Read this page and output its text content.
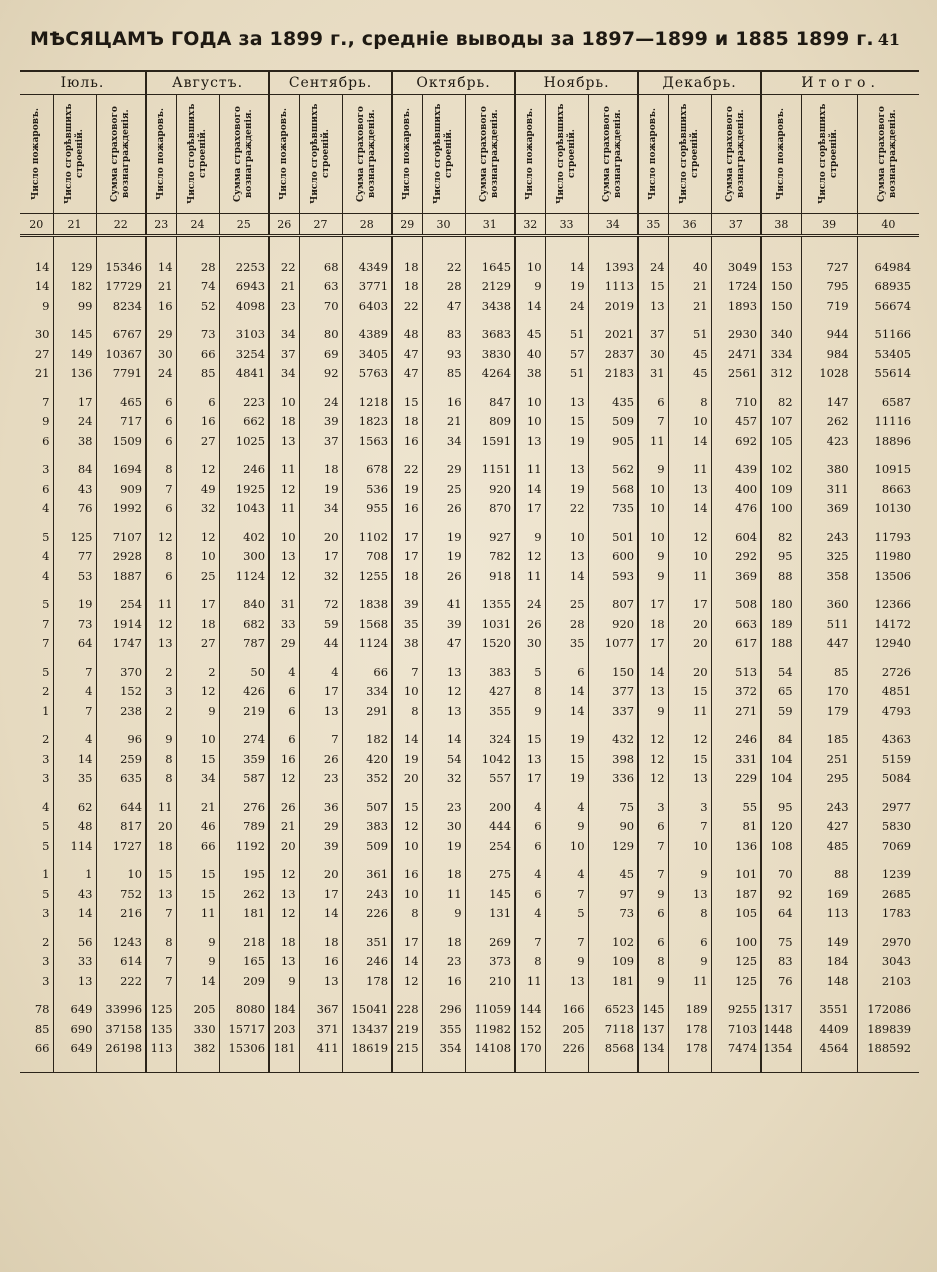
МѢСЯЦАМЪ ГОДА за 1899 г., средніе выводы за 1897—1899 и 1885 1899 г. 41
Іюль.			Августъ.			Сентябрь.			Октябрь.			Ноябрь.			Декабрь.			Итого.		

Число пожаровъ.	Число сгорѣвшихъ строеній.	Сумма страхового вознагражденія.	Число пожаровъ.	Число сгорѣвшихъ строеній.	Сумма страхового вознагражденія.	Число пожаровъ.	Число сгорѣвшихъ строеній.	Сумма страхового вознагражденія.	Число пожаровъ.	Число сгорѣвшихъ строеній.	Сумма страхового вознагражденія.	Число пожаровъ.	Число сгорѣвшихъ строеній.	Сумма страхового вознагражденія.	Число пожаровъ.	Число сгорѣвшихъ строеній.	Сумма страхового вознагражденія.	Число пожаровъ.	Число сгорѣвшихъ строеній.	Сумма страхового вознагражденія.

20	21	22	23	24	25	26	27	28	29	30	31	32	33	34	35	36	37	38	39	40

14	129	15346	14	28	2253	22	68	4349	18	22	1645	10	14	1393	24	40	3049	153	727	64984
14	182	17729	21	74	6943	21	63	3771	18	28	2129	9	19	1113	15	21	1724	150	795	68935
9	99	8234	16	52	4098	23	70	6403	22	47	3438	14	24	2019	13	21	1893	150	719	56674

30	145	6767	29	73	3103	34	80	4389	48	83	3683	45	51	2021	37	51	2930	340	944	51166
27	149	10367	30	66	3254	37	69	3405	47	93	3830	40	57	2837	30	45	2471	334	984	53405
21	136	7791	24	85	4841	34	92	5763	47	85	4264	38	51	2183	31	45	2561	312	1028	55614

7	17	465	6	6	223	10	24	1218	15	16	847	10	13	435	6	8	710	82	147	6587
9	24	717	6	16	662	18	39	1823	18	21	809	10	15	509	7	10	457	107	262	11116
6	38	1509	6	27	1025	13	37	1563	16	34	1591	13	19	905	11	14	692	105	423	18896

3	84	1694	8	12	246	11	18	678	22	29	1151	11	13	562	9	11	439	102	380	10915
6	43	909	7	49	1925	12	19	536	19	25	920	14	19	568	10	13	400	109	311	8663
4	76	1992	6	32	1043	11	34	955	16	26	870	17	22	735	10	14	476	100	369	10130

5	125	7107	12	12	402	10	20	1102	17	19	927	9	10	501	10	12	604	82	243	11793
4	77	2928	8	10	300	13	17	708	17	19	782	12	13	600	9	10	292	95	325	11980
4	53	1887	6	25	1124	12	32	1255	18	26	918	11	14	593	9	11	369	88	358	13506

5	19	254	11	17	840	31	72	1838	39	41	1355	24	25	807	17	17	508	180	360	12366
7	73	1914	12	18	682	33	59	1568	35	39	1031	26	28	920	18	20	663	189	511	14172
7	64	1747	13	27	787	29	44	1124	38	47	1520	30	35	1077	17	20	617	188	447	12940

5	7	370	2	2	50	4	4	66	7	13	383	5	6	150	14	20	513	54	85	2726
2	4	152	3	12	426	6	17	334	10	12	427	8	14	377	13	15	372	65	170	4851
1	7	238	2	9	219	6	13	291	8	13	355	9	14	337	9	11	271	59	179	4793

2	4	96	9	10	274	6	7	182	14	14	324	15	19	432	12	12	246	84	185	4363
3	14	259	8	15	359	16	26	420	19	54	1042	13	15	398	12	15	331	104	251	5159
3	35	635	8	34	587	12	23	352	20	32	557	17	19	336	12	13	229	104	295	5084

4	62	644	11	21	276	26	36	507	15	23	200	4	4	75	3	3	55	95	243	2977
5	48	817	20	46	789	21	29	383	12	30	444	6	9	90	6	7	81	120	427	5830
5	114	1727	18	66	1192	20	39	509	10	19	254	6	10	129	7	10	136	108	485	7069

1	1	10	15	15	195	12	20	361	16	18	275	4	4	45	7	9	101	70	88	1239
5	43	752	13	15	262	13	17	243	10	11	145	6	7	97	9	13	187	92	169	2685
3	14	216	7	11	181	12	14	226	8	9	131	4	5	73	6	8	105	64	113	1783

2	56	1243	8	9	218	18	18	351	17	18	269	7	7	102	6	6	100	75	149	2970
3	33	614	7	9	165	13	16	246	14	23	373	8	9	109	8	9	125	83	184	3043
3	13	222	7	14	209	9	13	178	12	16	210	11	13	181	9	11	125	76	148	2103

78	649	33996	125	205	8080	184	367	15041	228	296	11059	144	166	6523	145	189	9255	1317	3551	172086
85	690	37158	135	330	15717	203	371	13437	219	355	11982	152	205	7118	137	178	7103	1448	4409	189839
66	649	26198	113	382	15306	181	411	18619	215	354	14108	170	226	8568	134	178	7474	1354	4564	188592
